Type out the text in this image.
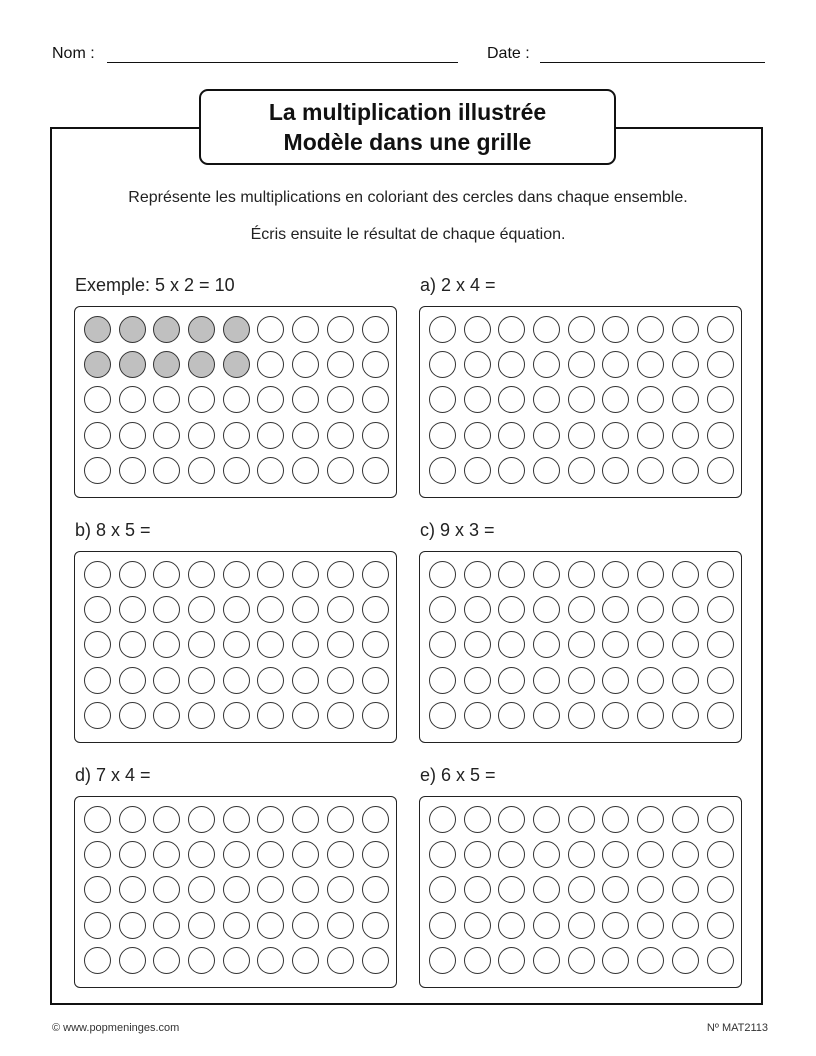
Nom :	Date :
La multiplication illustrée
Modèle dans une grille
Représente les multiplications en coloriant des cercles dans chaque ensemble.
Écris ensuite le résultat de chaque équation.
Exemple: 5 x 2 = 10	a) 2 x 4 =
b) 8 x 5 =	c) 9 x 3 =
d) 7 x 4 =	e) 6 x 5 =
© www.popmeninges.com	Nº MAT2113
